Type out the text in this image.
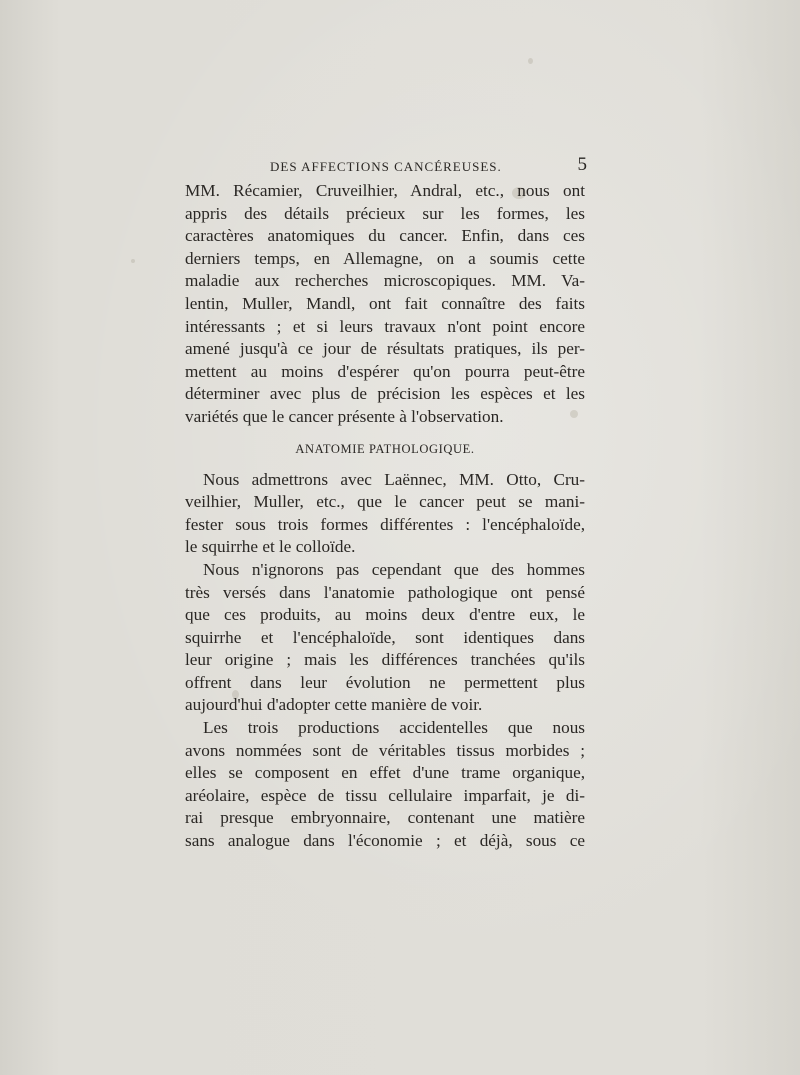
DES AFFECTIONS CANCÉREUSES.	5
MM. Récamier, Cruveilhier, Andral, etc., nous ont
appris des détails précieux sur les formes, les
caractères anatomiques du cancer. Enfin, dans ces
derniers temps, en Allemagne, on a soumis cette
maladie aux recherches microscopiques. MM. Va-
lentin, Muller, Mandl, ont fait connaître des faits
intéressants ; et si leurs travaux n'ont point encore
amené jusqu'à ce jour de résultats pratiques, ils per-
mettent au moins d'espérer qu'on pourra peut-être
déterminer avec plus de précision les espèces et les
variétés que le cancer présente à l'observation.
ANATOMIE PATHOLOGIQUE.
Nous admettrons avec Laënnec, MM. Otto, Cru-
veilhier, Muller, etc., que le cancer peut se mani-
fester sous trois formes différentes : l'encéphaloïde,
le squirrhe et le colloïde.
Nous n'ignorons pas cependant que des hommes
très versés dans l'anatomie pathologique ont pensé
que ces produits, au moins deux d'entre eux, le
squirrhe et l'encéphaloïde, sont identiques dans
leur origine ; mais les différences tranchées qu'ils
offrent dans leur évolution ne permettent plus
aujourd'hui d'adopter cette manière de voir.
Les trois productions accidentelles que nous
avons nommées sont de véritables tissus morbides ;
elles se composent en effet d'une trame organique,
aréolaire, espèce de tissu cellulaire imparfait, je di-
rai presque embryonnaire, contenant une matière
sans analogue dans l'économie ; et déjà, sous ce
